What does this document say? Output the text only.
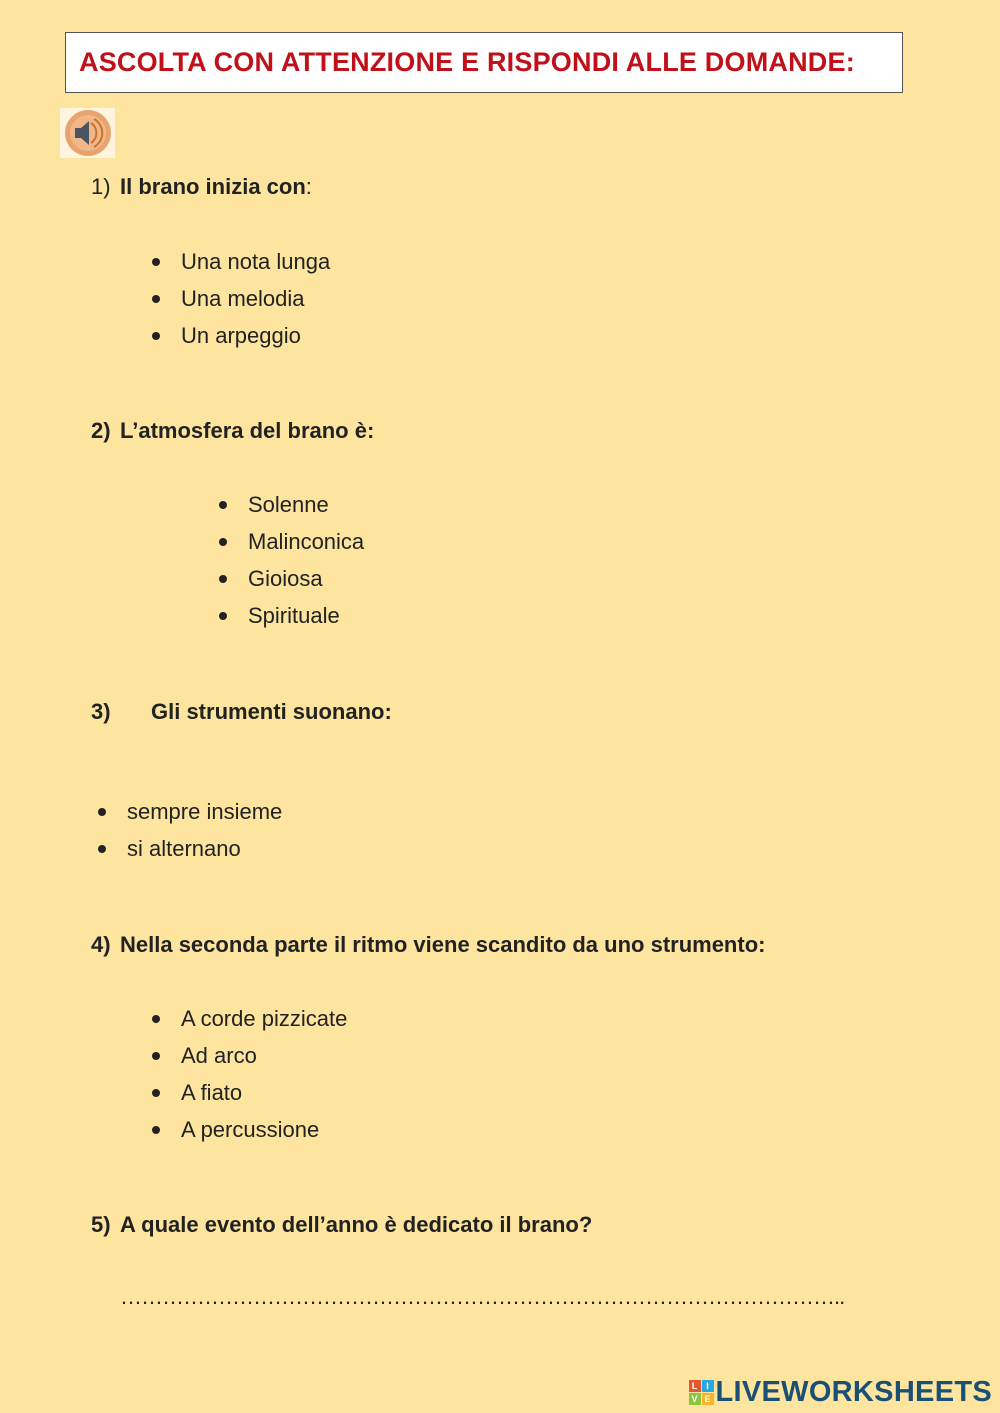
ASCOLTA CON ATTENZIONE E RISPONDI ALLE DOMANDE:
1) Il brano inizia con:
Una nota lunga
Una melodia
Un arpeggio
2) L’atmosfera del brano è:
Solenne
Malinconica
Gioiosa
Spirituale
3) Gli strumenti suonano:
sempre insieme
si alternano
4) Nella seconda parte il ritmo viene scandito da uno strumento:
A corde pizzicate
Ad arco
A fiato
A percussione
5) A quale evento dell’anno è dedicato il brano?
…………………………………………………………………………………………..
L I
V E LIVEWORKSHEETS
